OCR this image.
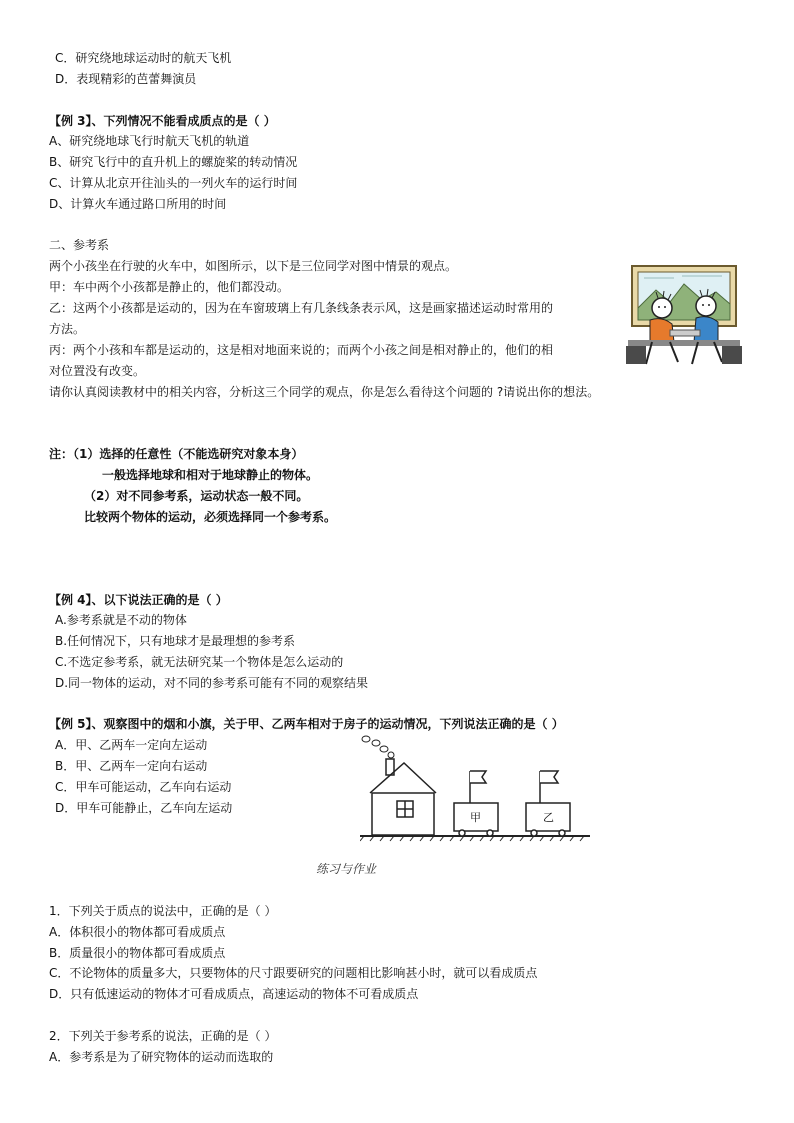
C．研究绕地球运动时的航天飞机
D．表现精彩的芭蕾舞演员
【例 3】、下列情况不能看成质点的是（ ）
A、研究绕地球飞行时航天飞机的轨道
B、研究飞行中的直升机上的螺旋桨的转动情况
C、计算从北京开往汕头的一列火车的运行时间
D、计算火车通过路口所用的时间
二、参考系
两个小孩坐在行驶的火车中，如图所示，以下是三位同学对图中情景的观点。
甲：车中两个小孩都是静止的，他们都没动。
乙：这两个小孩都是运动的，因为在车窗玻璃上有几条线条表示风，这是画家描述运动时常用的
方法。
丙：两个小孩和车都是运动的，这是相对地面来说的；而两个小孩之间是相对静止的，他们的相
对位置没有改变。
请你认真阅读教材中的相关内容，分析这三个同学的观点，你是怎么看待这个问题的 ?请说出你的想法。
注：（1）选择的任意性（不能选研究对象本身）
一般选择地球和相对于地球静止的物体。
（2）对不同参考系，运动状态一般不同。
比较两个物体的运动，必须选择同一个参考系。
【例 4】、以下说法正确的是（ ）
A.参考系就是不动的物体
B.任何情况下，只有地球才是最理想的参考系
C.不选定参考系，就无法研究某一个物体是怎么运动的
D.同一物体的运动，对不同的参考系可能有不同的观察结果
【例 5】、观察图中的烟和小旗，关于甲、乙两车相对于房子的运动情况，下列说法正确的是（ ）
A．甲、乙两车一定向左运动
B．甲、乙两车一定向右运动
C．甲车可能运动，乙车向右运动
D．甲车可能静止，乙车向左运动
甲	乙
练习与作业
1．下列关于质点的说法中，正确的是（ ）
A．体积很小的物体都可看成质点
B．质量很小的物体都可看成质点
C．不论物体的质量多大，只要物体的尺寸跟要研究的问题相比影响甚小时，就可以看成质点
D．只有低速运动的物体才可看成质点，高速运动的物体不可看成质点
2．下列关于参考系的说法，正确的是（ ）
A．参考系是为了研究物体的运动而选取的
